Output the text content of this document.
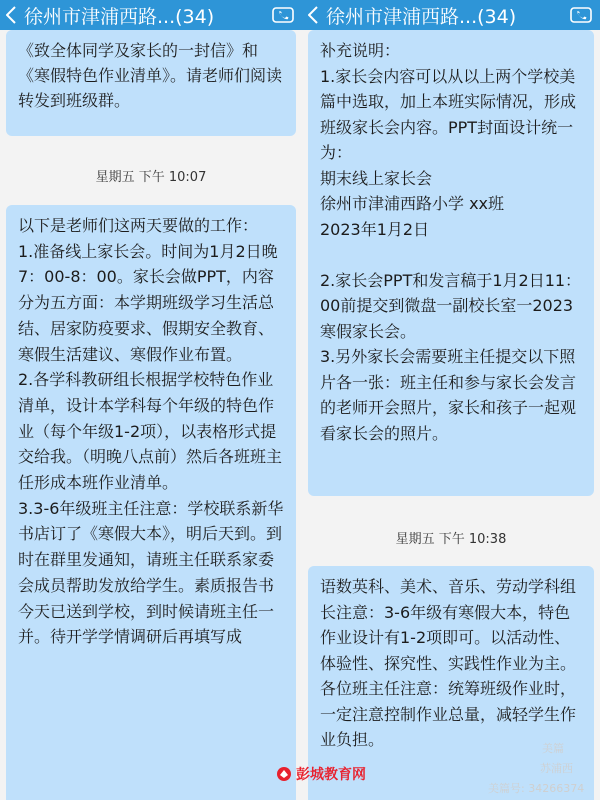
徐州市津浦西路...(34)
《致全体同学及家长的一封信》和《寒假特色作业清单》。请老师们阅读转发到班级群。
星期五 下午 10:07
以下是老师们这两天要做的工作：
1.准备线上家长会。时间为1月2日晚7：00-8：00。家长会做PPT，内容分为五方面：本学期班级学习生活总结、居家防疫要求、假期安全教育、寒假生活建议、寒假作业布置。
2.各学科教研组长根据学校特色作业清单，设计本学科每个年级的特色作业（每个年级1-2项），以表格形式提交给我。（明晚八点前）然后各班班主任形成本班作业清单。
3.3-6年级班主任注意：学校联系新华书店订了《寒假大本》，明后天到。到时在群里发通知，请班主任联系家委会成员帮助发放给学生。素质报告书今天已送到学校，到时候请班主任一并。待开学学情调研后再填写成
徐州市津浦西路...(34)
补充说明：
1.家长会内容可以从以上两个学校美篇中选取，加上本班实际情况，形成班级家长会内容。PPT封面设计统一为：
期末线上家长会
徐州市津浦西路小学 xx班
2023年1月2日

2.家长会PPT和发言稿于1月2日11：00前提交到微盘一副校长室一2023寒假家长会。
3.另外家长会需要班主任提交以下照片各一张：班主任和参与家长会发言的老师开会照片，家长和孩子一起观看家长会的照片。
星期五 下午 10:38
语数英科、美术、音乐、劳动学科组长注意：3-6年级有寒假大本，特色作业设计有1-2项即可。以活动性、体验性、探究性、实践性作业为主。
各位班主任注意：统筹班级作业时，一定注意控制作业总量，减轻学生作业负担。	美篇
苏浦西
美篇号: 34266374
彭城教育网
